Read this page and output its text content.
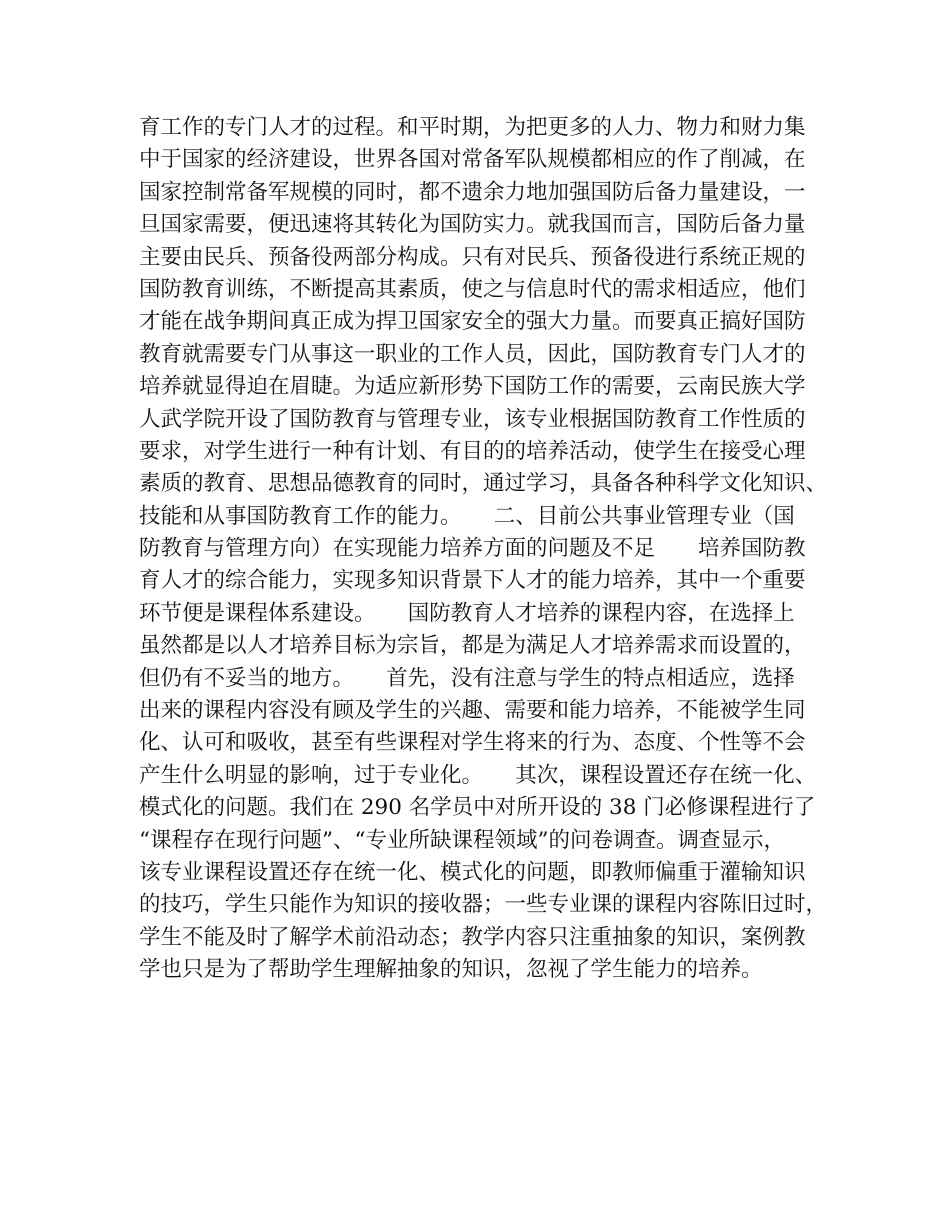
育工作的专门人才的过程。和平时期，为把更多的人力、物力和财力集
中于国家的经济建设，世界各国对常备军队规模都相应的作了削减，在
国家控制常备军规模的同时，都不遗余力地加强国防后备力量建设，一
旦国家需要，便迅速将其转化为国防实力。就我国而言，国防后备力量
主要由民兵、预备役两部分构成。只有对民兵、预备役进行系统正规的
国防教育训练，不断提高其素质，使之与信息时代的需求相适应，他们
才能在战争期间真正成为捍卫国家安全的强大力量。而要真正搞好国防
教育就需要专门从事这一职业的工作人员，因此，国防教育专门人才的
培养就显得迫在眉睫。为适应新形势下国防工作的需要，云南民族大学
人武学院开设了国防教育与管理专业，该专业根据国防教育工作性质的
要求，对学生进行一种有计划、有目的的培养活动，使学生在接受心理
素质的教育、思想品德教育的同时，通过学习，具备各种科学文化知识、
技能和从事国防教育工作的能力。　　二、目前公共事业管理专业（国
防教育与管理方向）在实现能力培养方面的问题及不足　　培养国防教
育人才的综合能力，实现多知识背景下人才的能力培养，其中一个重要
环节便是课程体系建设。　　国防教育人才培养的课程内容，在选择上
虽然都是以人才培养目标为宗旨，都是为满足人才培养需求而设置的，
但仍有不妥当的地方。　　首先，没有注意与学生的特点相适应，选择
出来的课程内容没有顾及学生的兴趣、需要和能力培养，不能被学生同
化、认可和吸收，甚至有些课程对学生将来的行为、态度、个性等不会
产生什么明显的影响，过于专业化。　　其次，课程设置还存在统一化、
模式化的问题。我们在 290 名学员中对所开设的 38 门必修课程进行了
“课程存在现行问题”、“专业所缺课程领域”的问卷调查。调查显示，
该专业课程设置还存在统一化、模式化的问题，即教师偏重于灌输知识
的技巧，学生只能作为知识的接收器；一些专业课的课程内容陈旧过时，
学生不能及时了解学术前沿动态；教学内容只注重抽象的知识，案例教
学也只是为了帮助学生理解抽象的知识，忽视了学生能力的培养。
